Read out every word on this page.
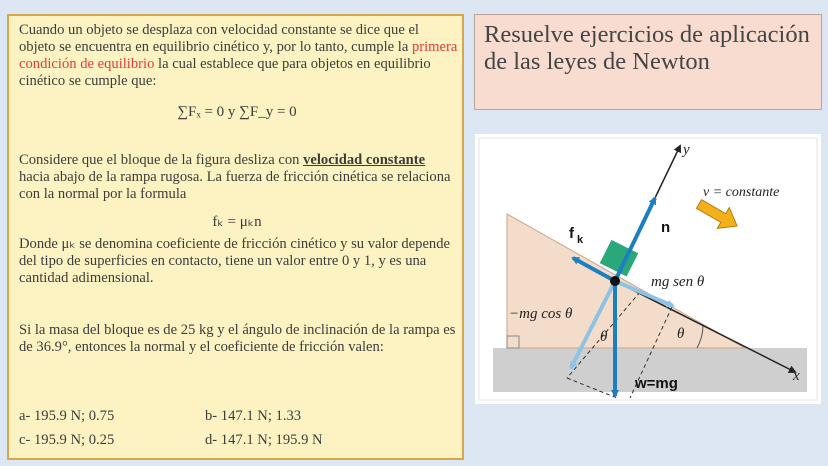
Cuando un objeto se desplaza con velocidad constante se dice que el objeto se encuentra en equilibrio cinético y, por lo tanto, cumple la primera condición de equilibrio la cual establece que para objetos en equilibrio cinético se cumple que:
∑Fₓ = 0 y ∑F_y = 0
Considere que el bloque de la figura desliza con velocidad constante hacia abajo de la rampa rugosa. La fuerza de fricción cinética se relaciona con la normal por la formula
fₖ = μₖn
Donde μₖ se denomina coeficiente de fricción cinético y su valor depende del tipo de superficies en contacto, tiene un valor entre 0 y 1, y es una cantidad adimensional.
Si la masa del bloque es de 25 kg y el ángulo de inclinación de la rampa es de 36.9°, entonces la normal y el coeficiente de fricción valen:
a- 195.9 N; 0.75	b- 147.1 N; 1.33
c- 195.9 N; 0.25	d- 147.1 N; 195.9 N
Resuelve ejercicios de aplicación de las leyes de Newton
x
y
n
f k
mg sen θ
−mg cos θ
w=mg
θ	θ
v = constante
